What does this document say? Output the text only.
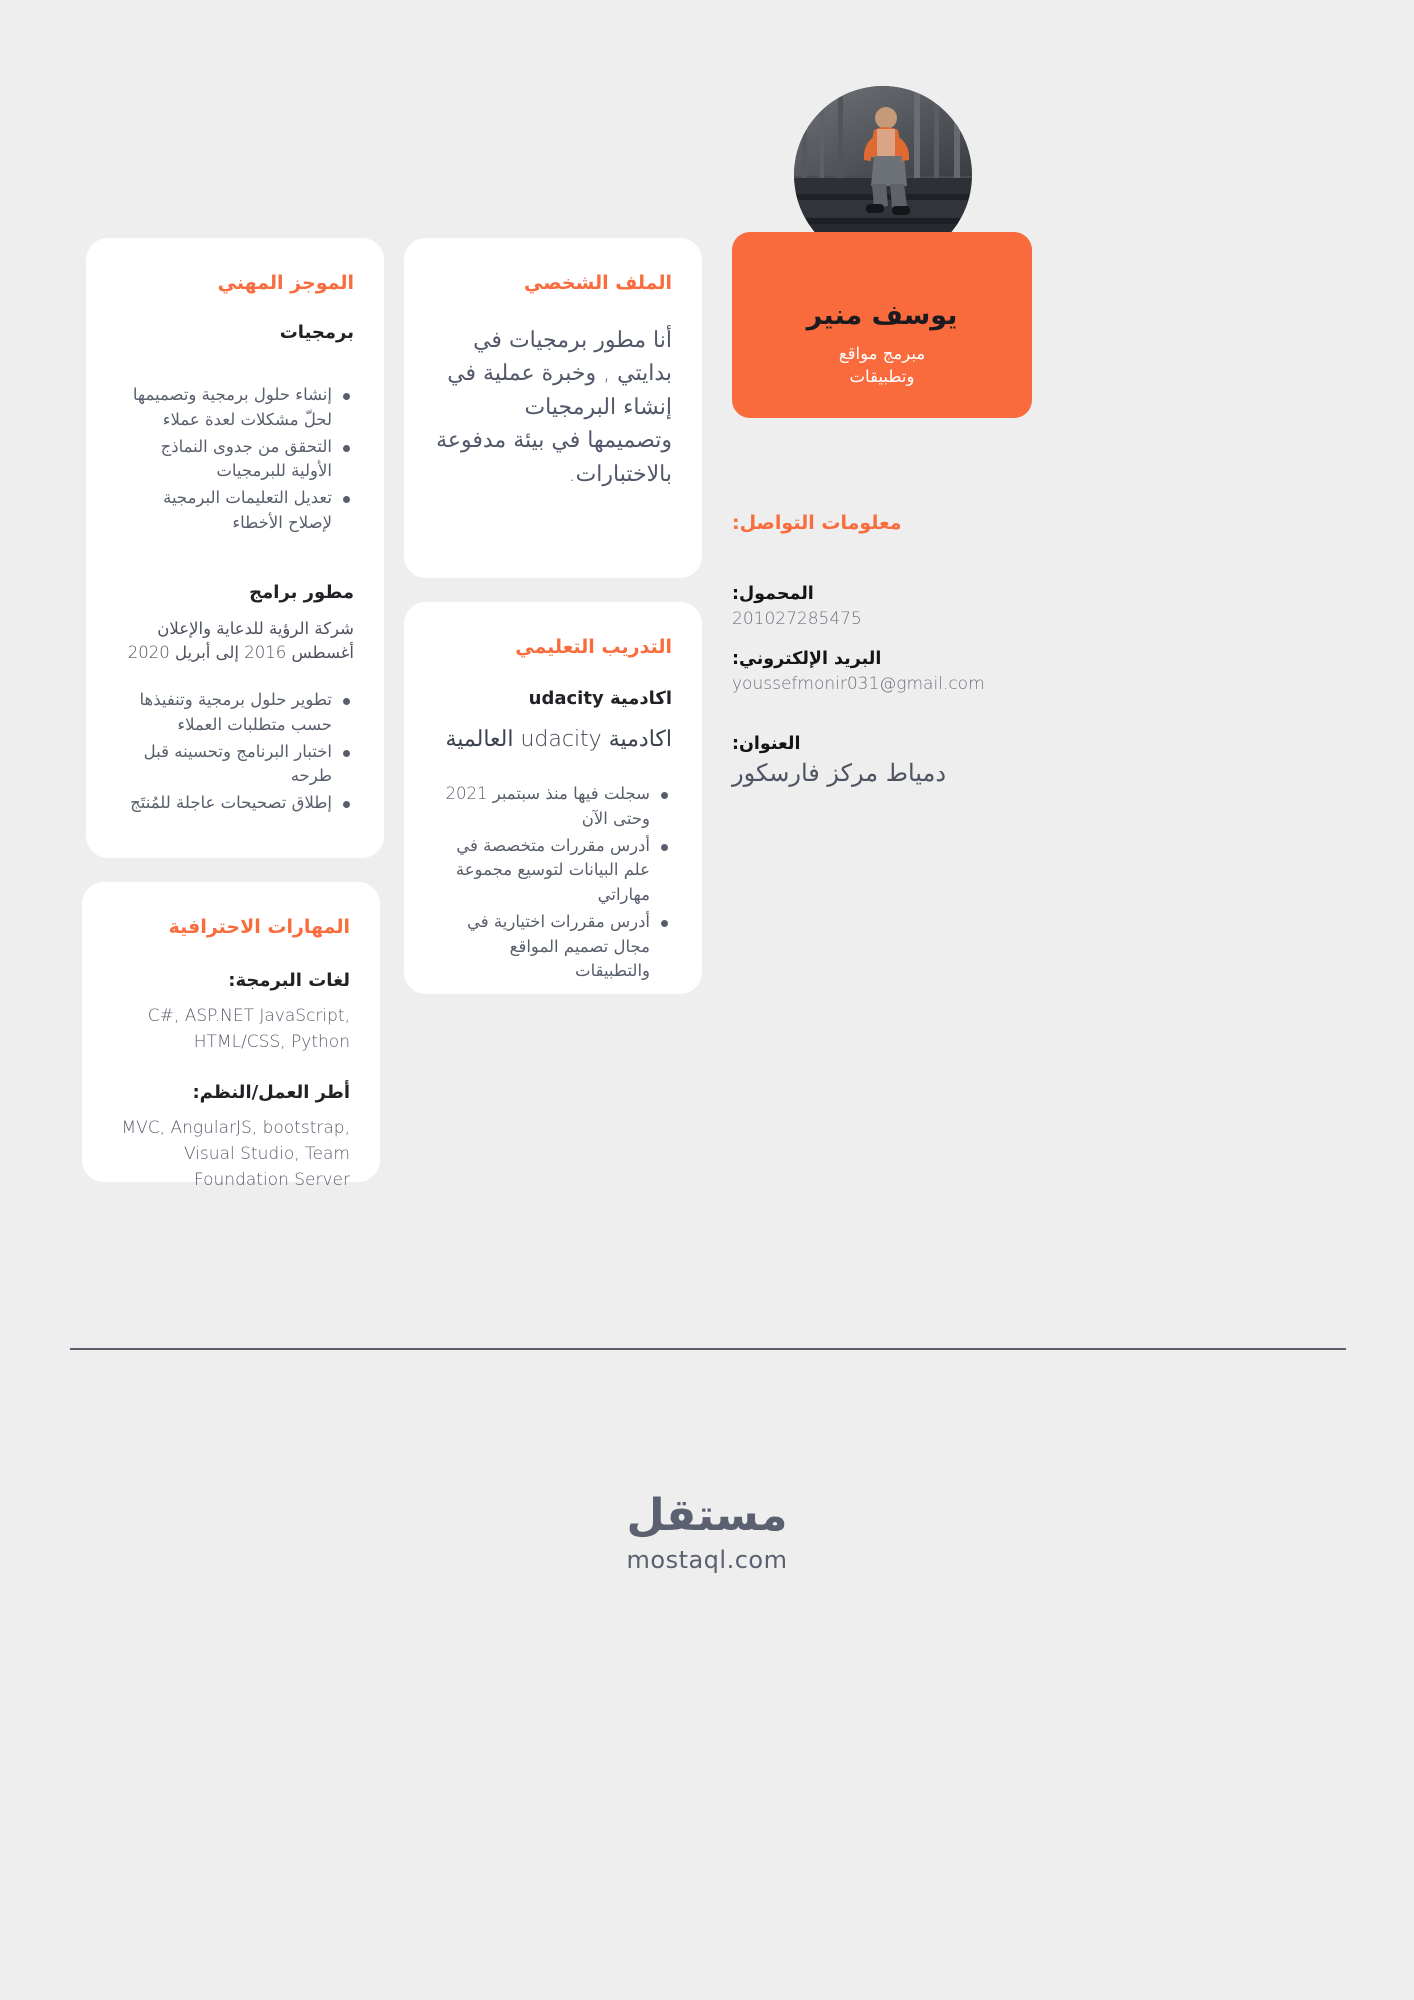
الموجز المهني
برمجيات
إنشاء حلول برمجية وتصميمها لحلّ مشكلات لعدة عملاء
التحقق من جدوى النماذج الأولية للبرمجيات
تعديل التعليمات البرمجية لإصلاح الأخطاء
مطور برامج
شركة الرؤية للدعاية والإعلان
أغسطس 2016 إلى أبريل 2020
تطوير حلول برمجية وتنفيذها حسب متطلبات العملاء
اختبار البرنامج وتحسينه قبل طرحه
إطلاق تصحيحات عاجلة للمُنتَج
المهارات الاحترافية
لغات البرمجة:
C#, ASP.NET JavaScript, HTML/CSS, Python
أطر العمل/النظم:
MVC, AngularJS, bootstrap, Visual Studio, Team Foundation Server
الملف الشخصي
أنا مطور برمجيات في بدايتي , وخبرة عملية في إنشاء البرمجيات وتصميمها في بيئة مدفوعة بالاختبارات.
التدريب التعليمي
اكادمية udacity
اكادمية udacity العالمية
سجلت فيها منذ سبتمبر 2021 وحتى الآن
أدرس مقررات متخصصة في علم البيانات لتوسيع مجموعة مهاراتي
أدرس مقررات اختيارية في مجال تصميم المواقع والتطبيقات
يوسف منير
مبرمج مواقع
وتطبيقات
معلومات التواصل:
المحمول:
201027285475
البريد الإلكتروني:
youssefmonir031@gmail.com
العنوان:
دمياط مركز فارسكور
مستقل
mostaql.com
